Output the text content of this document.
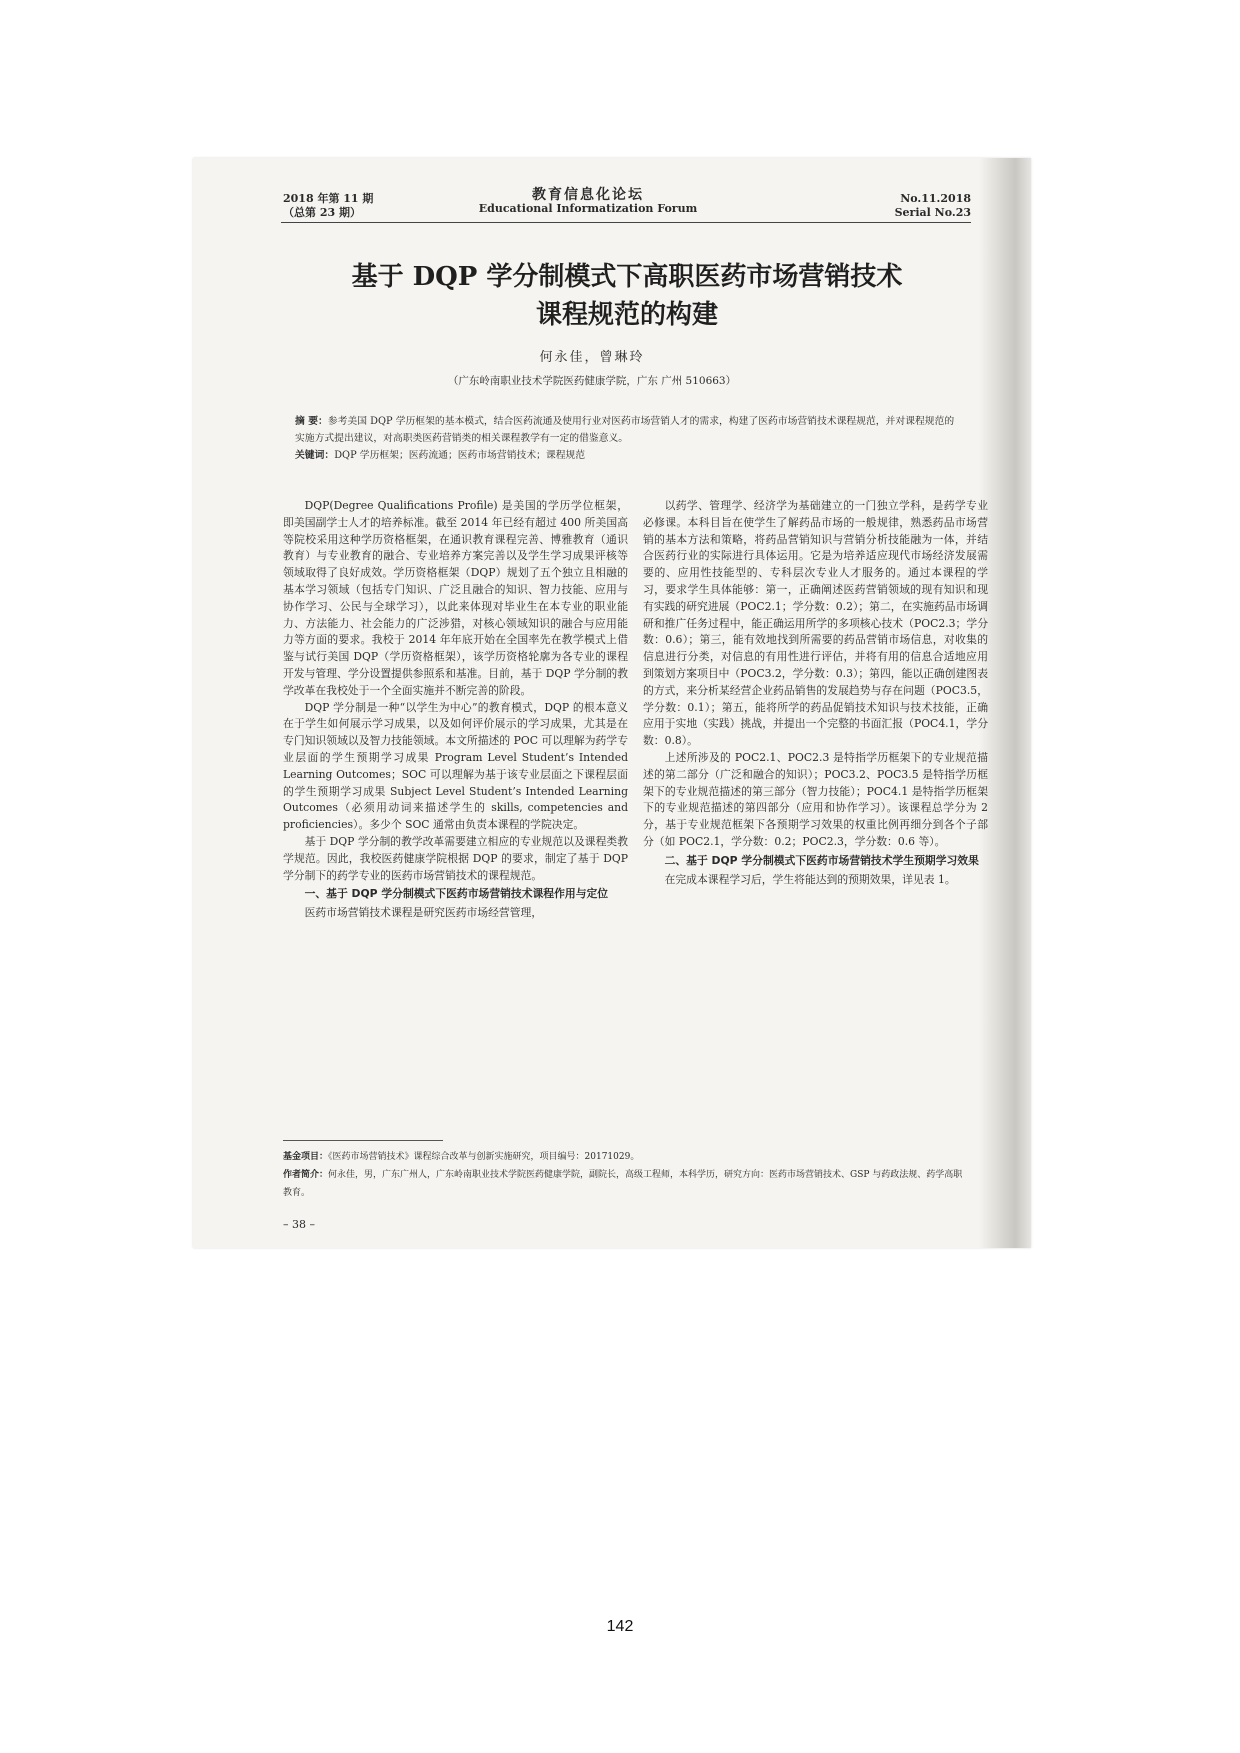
2018 年第 11 期
（总第 23 期）
教育信息化论坛
Educational Informatization Forum
No.11.2018
Serial No.23
基于 DQP 学分制模式下高职医药市场营销技术
课程规范的构建
何永佳，曾琳玲
（广东岭南职业技术学院医药健康学院，广东 广州 510663）
摘 要：参考美国 DQP 学历框架的基本模式，结合医药流通及使用行业对医药市场营销人才的需求，构建了医药市场营销技术课程规范，并对课程规范的实施方式提出建议，对高职类医药营销类的相关课程教学有一定的借鉴意义。
关键词：DQP 学历框架；医药流通；医药市场营销技术；课程规范

DQP(Degree Qualifications Profile) 是美国的学历学位框架，即美国副学士人才的培养标准。截至 2014 年已经有超过 400 所美国高等院校采用这种学历资格框架，在通识教育课程完善、博雅教育（通识教育）与专业教育的融合、专业培养方案完善以及学生学习成果评核等领域取得了良好成效。学历资格框架（DQP）规划了五个独立且相融的基本学习领域（包括专门知识、广泛且融合的知识、智力技能、应用与协作学习、公民与全球学习），以此来体现对毕业生在本专业的职业能力、方法能力、社会能力的广泛涉猎，对核心领域知识的融合与应用能力等方面的要求。我校于 2014 年年底开始在全国率先在教学模式上借鉴与试行美国 DQP（学历资格框架），该学历资格轮廓为各专业的课程开发与管理、学分设置提供参照系和基准。目前，基于 DQP 学分制的教学改革在我校处于一个全面实施并不断完善的阶段。

DQP 学分制是一种“以学生为中心”的教育模式，DQP 的根本意义在于学生如何展示学习成果，以及如何评价展示的学习成果，尤其是在专门知识领域以及智力技能领域。本文所描述的 POC 可以理解为药学专业层面的学生预期学习成果 Program Level Student’s Intended Learning Outcomes；SOC 可以理解为基于该专业层面之下课程层面的学生预期学习成果 Subject Level Student’s Intended Learning Outcomes（必须用动词来描述学生的 skills, competencies and proficiencies）。多少个 SOC 通常由负责本课程的学院决定。

基于 DQP 学分制的教学改革需要建立相应的专业规范以及课程类教学规范。因此，我校医药健康学院根据 DQP 的要求，制定了基于 DQP 学分制下的药学专业的医药市场营销技术的课程规范。

一、基于 DQP 学分制模式下医药市场营销技术课程作用与定位

医药市场营销技术课程是研究医药市场经营管理，

以药学、管理学、经济学为基础建立的一门独立学科，是药学专业必修课。本科目旨在使学生了解药品市场的一般规律，熟悉药品市场营销的基本方法和策略，将药品营销知识与营销分析技能融为一体，并结合医药行业的实际进行具体运用。它是为培养适应现代市场经济发展需要的、应用性技能型的、专科层次专业人才服务的。通过本课程的学习，要求学生具体能够：第一，正确阐述医药营销领域的现有知识和现有实践的研究进展（POC2.1；学分数：0.2）；第二，在实施药品市场调研和推广任务过程中，能正确运用所学的多项核心技术（POC2.3；学分数：0.6）；第三，能有效地找到所需要的药品营销市场信息，对收集的信息进行分类，对信息的有用性进行评估，并将有用的信息合适地应用到策划方案项目中（POC3.2，学分数：0.3）；第四，能以正确创建图表的方式，来分析某经营企业药品销售的发展趋势与存在问题（POC3.5，学分数：0.1）；第五，能将所学的药品促销技术知识与技术技能，正确应用于实地（实践）挑战，并提出一个完整的书面汇报（POC4.1，学分数：0.8）。

上述所涉及的 POC2.1、POC2.3 是特指学历框架下的专业规范描述的第二部分（广泛和融合的知识）；POC3.2、POC3.5 是特指学历框架下的专业规范描述的第三部分（智力技能）；POC4.1 是特指学历框架下的专业规范描述的第四部分（应用和协作学习）。该课程总学分为 2 分，基于专业规范框架下各预期学习效果的权重比例再细分到各个子部分（如 POC2.1，学分数：0.2；POC2.3，学分数：0.6 等）。

二、基于 DQP 学分制模式下医药市场营销技术学生预期学习效果

在完成本课程学习后，学生将能达到的预期效果，详见表 1。

基金项目：《医药市场营销技术》课程综合改革与创新实施研究，项目编号：20171029。
作者简介：何永佳，男，广东广州人，广东岭南职业技术学院医药健康学院，副院长，高级工程师，本科学历，研究方向：医药市场营销技术、GSP 与药政法规、药学高职教育。
– 38 –
142
